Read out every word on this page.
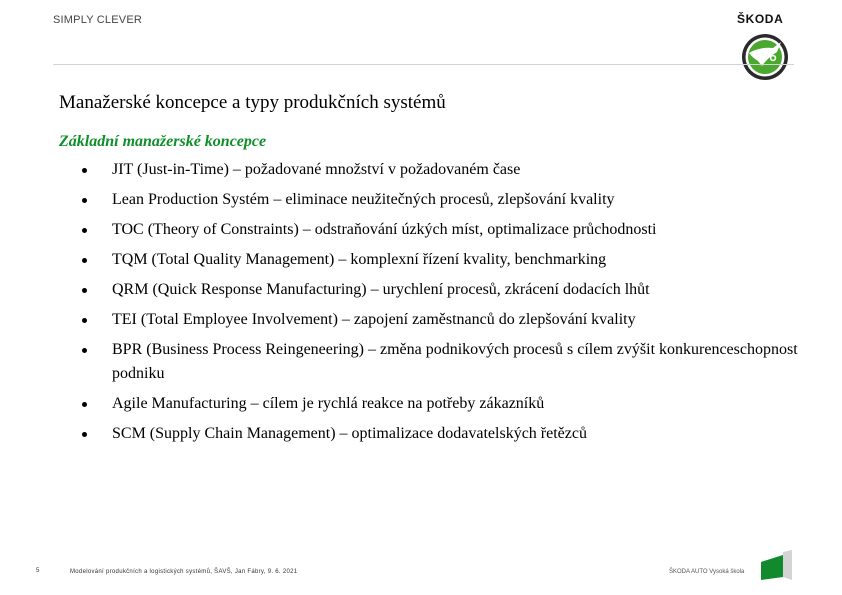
SIMPLY CLEVER	ŠKODA
Manažerské koncepce a typy produkčních systémů
Základní manažerské koncepce
JIT (Just-in-Time) – požadované množství v požadovaném čase
Lean Production Systém – eliminace neužitečných procesů, zlepšování kvality
TOC (Theory of Constraints) – odstraňování úzkých míst, optimalizace průchodnosti
TQM (Total Quality Management) – komplexní řízení kvality, benchmarking
QRM (Quick Response Manufacturing) – urychlení procesů, zkrácení dodacích lhůt
TEI (Total Employee Involvement) – zapojení zaměstnanců do zlepšování kvality
BPR (Business Process Reingeneering) – změna podnikových procesů s cílem zvýšit konkurenceschopnost podniku
Agile Manufacturing – cílem je rychlá reakce na potřeby zákazníků
SCM (Supply Chain Management) – optimalizace dodavatelských řetězců
5	Modelování produkčních a logistických systémů, ŠAVŠ, Jan Fábry, 9. 6. 2021	ŠKODA AUTO Vysoká škola
